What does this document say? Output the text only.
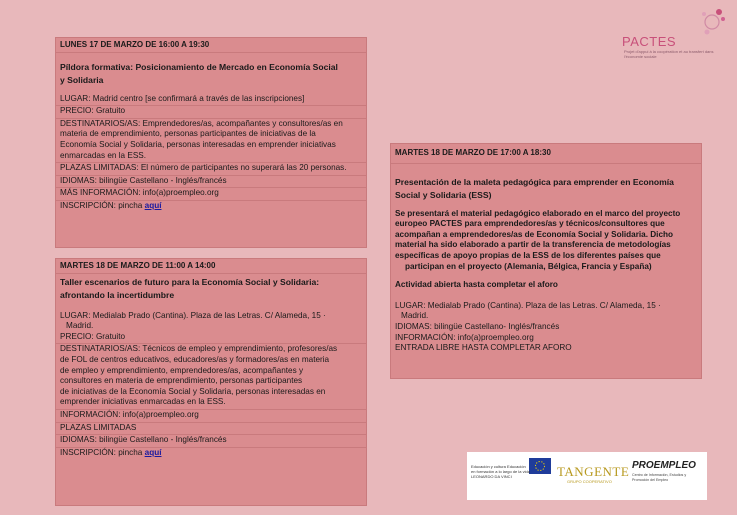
PACTES
Projet d'appui à la coopération et au transfert dans l'économie sociale
LUNES 17 DE MARZO DE 16:00 A 19:30
Píldora formativa: Posicionamiento de Mercado en Economía Social
y Solidaria
LUGAR: Madrid centro [se confirmará a través de las inscripciones]
PRECIO: Gratuito
DESTINATARIOS/AS: Emprendedores/as, acompañantes y consultores/as en
materia de emprendimiento, personas participantes de iniciativas de la
Economía Social y Solidaria, personas interesadas en emprender iniciativas
enmarcadas en la ESS.
PLAZAS LIMITADAS: El número de participantes no superará las 20 personas.
IDIOMAS: bilingüe Castellano - Inglés/francés
MÁS INFORMACIÓN: info(a)proempleo.org
INSCRIPCIÓN: pincha aquí
MARTES 18 DE MARZO DE 11:00 A 14:00
Taller escenarios de futuro para la Economía Social y Solidaria:
afrontando la incertidumbre
LUGAR: Medialab Prado (Cantina). Plaza de las Letras. C/ Alameda, 15 ·
Madrid.
PRECIO: Gratuito
DESTINATARIOS/AS: Técnicos de empleo y emprendimiento, profesores/as
de FOL de centros educativos, educadores/as y formadores/as en materia
de empleo y emprendimiento, emprendedores/as, acompañantes y
consultores en materia de emprendimiento, personas participantes
de iniciativas de la Economía Social y Solidaria, personas interesadas en
emprender iniciativas enmarcadas en la ESS.
INFORMACIÓN: info(a)proempleo.org
PLAZAS LIMITADAS
IDIOMAS: bilingüe Castellano - Inglés/francés
INSCRIPCIÓN: pincha aquí
MARTES 18 DE MARZO DE 17:00 A 18:30
Presentación de la maleta pedagógica para emprender en Economía
Social y Solidaria (ESS)
Se presentará el material pedagógico elaborado en el marco del proyecto
europeo PACTES para emprendedores/as y técnicos/consultores que
acompañan a emprendedores/as de Economía Social y Solidaria. Dicho
material ha sido elaborado a partir de la transferencia de metodologías
específicas de apoyo propias de la ESS de los diferentes países que
participan en el proyecto (Alemania, Bélgica, Francia y España)
Actividad abierta hasta completar el aforo
LUGAR: Medialab Prado (Cantina). Plaza de las Letras. C/ Alameda, 15 ·
Madrid.
IDIOMAS: bilingüe Castellano- Inglés/francés
INFORMACIÓN: info(a)proempleo.org
ENTRADA LIBRE HASTA COMPLETAR AFORO
Educación y cultura Educación en formación a lo largo de la vida LEONARDO DA VINCI	TANGENTE
GRUPO COOPERATIVO
PROEMPLEO
Centro de Información, Estudios y Promoción del Empleo
